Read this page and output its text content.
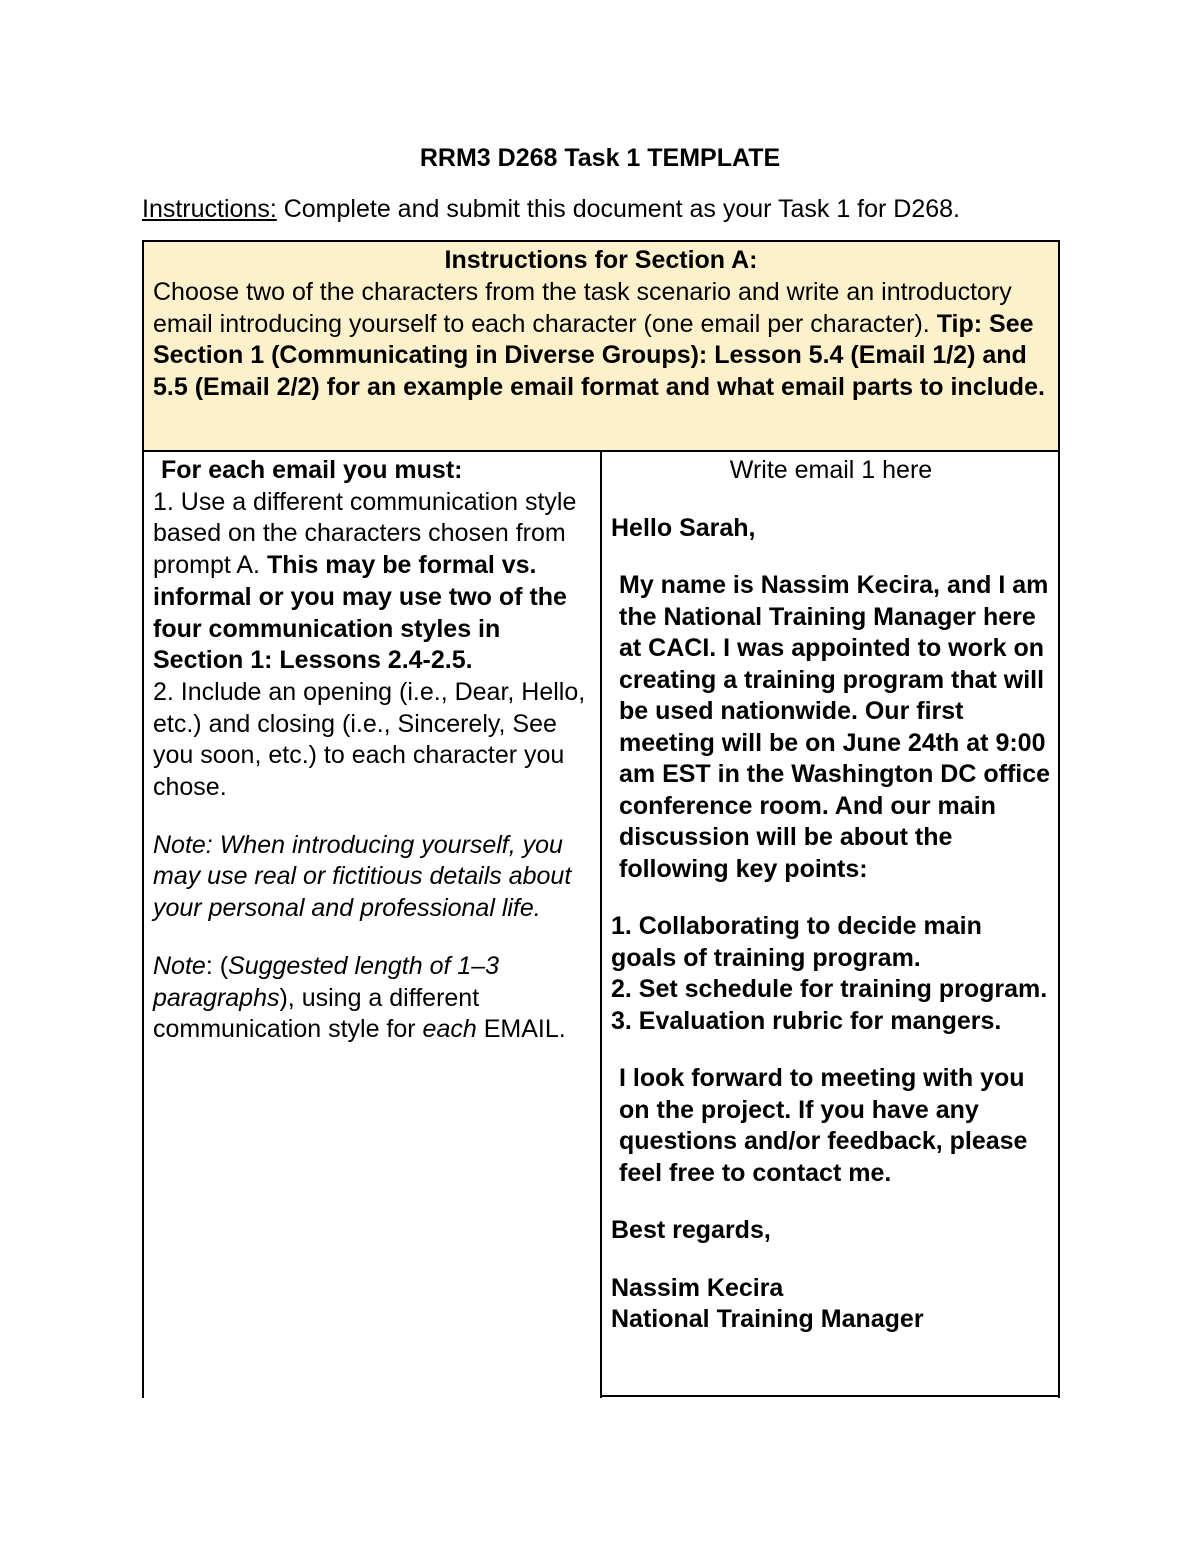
RRM3 D268 Task 1 TEMPLATE
Instructions: Complete and submit this document as your Task 1 for D268.
Instructions for Section A:
Choose two of the characters from the task scenario and write an introductory email introducing yourself to each character (one email per character). Tip: See Section 1 (Communicating in Diverse Groups): Lesson 5.4 (Email 1/2) and 5.5 (Email 2/2) for an example email format and what email parts to include.

For each email you must:

1. Use a different communication style based on the characters chosen from prompt A. This may be formal vs. informal or you may use two of the four communication styles in Section 1: Lessons 2.4-2.5.

2. Include an opening (i.e., Dear, Hello, etc.) and closing (i.e., Sincerely, See you soon, etc.) to each character you chose.

Note: When introducing yourself, you may use real or fictitious details about your personal and professional life.

Note: (Suggested length of 1–3 paragraphs), using a different communication style for each EMAIL.

Write email 1 here

Hello Sarah,

My name is Nassim Kecira, and I am the National Training Manager here at CACI. I was appointed to work on creating a training program that will be used nationwide. Our first meeting will be on June 24th at 9:00 am EST in the Washington DC office conference room. And our main discussion will be about the following key points:

1. Collaborating to decide main goals of training program.

2. Set schedule for training program.

3. Evaluation rubric for mangers.

I look forward to meeting with you on the project. If you have any questions and/or feedback, please feel free to contact me.

Best regards,

Nassim Kecira

National Training Manager
